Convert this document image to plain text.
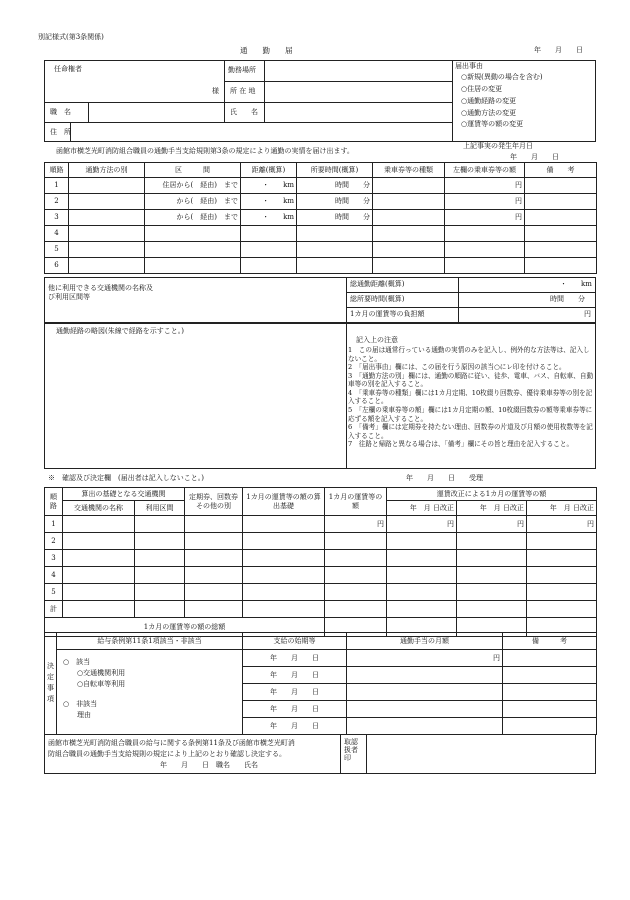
別記様式(第3条関係)
通　　勤　　届	年　　月　　日
任命権者
様
勤務場所
所 在 地
職　名	氏　　名
住　所
届出事由
○新規(異動の場合を含む)
○住居の変更
○通勤経路の変更
○通勤方法の変更
○運賃等の額の変更
上記事実の発生年月日
函館市横芝光町消防組合職員の通勤手当支給規則第3条の規定により通勤の実情を届け出ます。
年　　月　　日
順路	通勤方法の別	区　　　間	距離(概算)	所要時間(概算)	乗車券等の種類	左欄の乗車券等の額	備　　考
1		住居から(　経由)　まで	・　　km	時間　　分		円	
2		から(　経由)　まで	・　　km	時間　　分		円	
3		から(　経由)　まで	・　　km	時間　　分		円	
4							
5							
6							
他に利用できる交通機関の名称及び利用区間等
総通勤距離(概算)	・　　km
総所要時間(概算)	時間　　分
1カ月の運賃等の負担額	円
通勤経路の略図(朱線で経路を示すこと。)
記入上の注意
1　この届は通常行っている通勤の実情のみを記入し、例外的な方法等は、記入しないこと。
2　「届出事由」欄には、この届を行う原因の該当○にレ印を付けること。
3　「通勤方法の別」欄には、通勤の順路に従い、徒歩、電車、バス、自転車、自動車等の別を記入すること。
4　「乗車券等の種類」欄には1カ月定期、10枚綴り回数券、優待乗車券等の別を記入すること。
5　「左欄の乗車券等の額」欄には1カ月定期の額、10枚綴回数券の額等乗車券等に応ずる額を記入すること。
6　「備考」欄には定期券を持たない理由、回数券の片道及び月額の使用枚数等を記入すること。
7　往路と帰路と異なる場合は、「備考」欄にその旨と理由を記入すること。
※　確認及び決定欄　(届出者は記入しないこと。)	年　　月　　日　　受理
順路	算出の基礎となる交通機関		定期券、回数券その他の別	1カ月の運賃等の額の算出基礎	1カ月の運賃等の額	運賃改正による1カ月の運賃等の額		
	交通機関の名称	利用区間				年　月 日改正	年　月 日改正	年　月 日改正
1					円	円	円	円
2								
3								
4								
5								
計								
1カ月の運賃等の額の総額								
決定事項	給与条例第11条1項該当・非該当	支給の始期等	通勤手当の月額	備　　　考

	○　該当
○交通機関利用
○自転車等利用
○　非該当
理由	年　　月　　日	円	
		年　　月　　日		
		年　　月　　日		
		年　　月　　日		
		年　　月　　日		
函館市横芝光町消防組合職員の給与に関する条例第11条及び函館市横芝光町消
防組合職員の通勤手当支給規則の規定により上記のとおり確認し決定する。
年　　月　　日　職名　　氏名
取認扱者印
